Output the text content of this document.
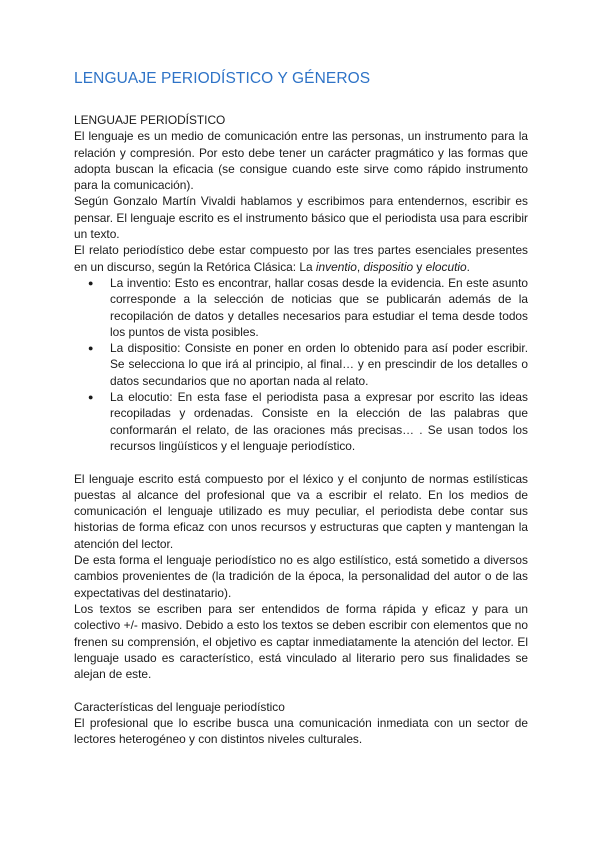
LENGUAJE PERIODÍSTICO Y GÉNEROS

LENGUAJE PERIODÍSTICO

El lenguaje es un medio de comunicación entre las personas, un instrumento para la relación y compresión. Por esto debe tener un carácter pragmático y las formas que adopta buscan la eficacia (se consigue cuando este sirve como rápido instrumento para la comunicación).

Según Gonzalo Martín Vivaldi hablamos y escribimos para entendernos, escribir es pensar. El lenguaje escrito es el instrumento básico que el periodista usa para escribir un texto.

El relato periodístico debe estar compuesto por las tres partes esenciales presentes en un discurso, según la Retórica Clásica: La inventio, dispositio y elocutio.

● La inventio: Esto es encontrar, hallar cosas desde la evidencia. En este asunto corresponde a la selección de noticias que se publicarán además de la recopilación de datos y detalles necesarios para estudiar el tema desde todos los puntos de vista posibles.
● La dispositio: Consiste en poner en orden lo obtenido para así poder escribir. Se selecciona lo que irá al principio, al final… y en prescindir de los detalles o datos secundarios que no aportan nada al relato.
● La elocutio: En esta fase el periodista pasa a expresar por escrito las ideas recopiladas y ordenadas. Consiste en la elección de las palabras que conformarán el relato, de las oraciones más precisas… . Se usan todos los recursos lingüísticos y el lenguaje periodístico.

El lenguaje escrito está compuesto por el léxico y el conjunto de normas estilísticas puestas al alcance del profesional que va a escribir el relato. En los medios de comunicación el lenguaje utilizado es muy peculiar, el periodista debe contar sus historias de forma eficaz con unos recursos y estructuras que capten y mantengan la atención del lector.

De esta forma el lenguaje periodístico no es algo estilístico, está sometido a diversos cambios provenientes de (la tradición de la época, la personalidad del autor o de las expectativas del destinatario).

Los textos se escriben para ser entendidos de forma rápida y eficaz y para un colectivo +/- masivo. Debido a esto los textos se deben escribir con elementos que no frenen su comprensión, el objetivo es captar inmediatamente la atención del lector. El lenguaje usado es característico, está vinculado al literario pero sus finalidades se alejan de este.

Características del lenguaje periodístico

El profesional que lo escribe busca una comunicación inmediata con un sector de lectores heterogéneo y con distintos niveles culturales.
